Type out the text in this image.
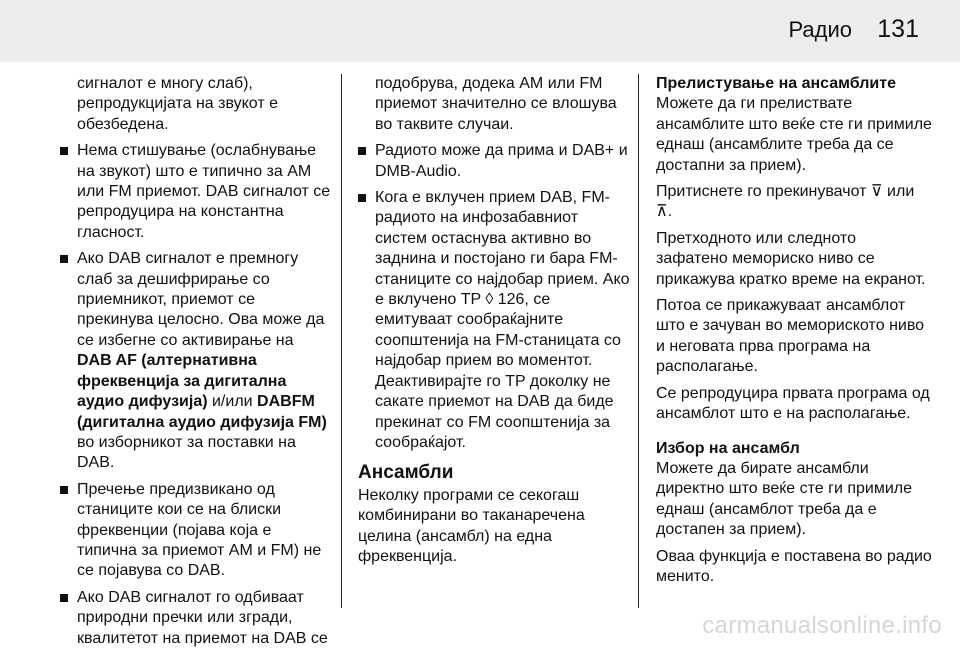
Радио 131
сигналот е многу слаб), репродукцијата на звукот е обезбедена.
Нема стишување (ослабнување на звукот) што е типично за AM или FM приемот. DAB сигналот се репродуцира на константна гласност.
Ако DAB сигналот е премногу слаб за дешифрирање со приемникот, приемот се прекинува целосно. Ова може да се избегне со активирање на DAB AF (алтернативна фреквенција за дигитална аудио дифузија) и/или DABFM (дигитална аудио дифузија FM) во изборникот за поставки на DAB.
Пречење предизвикано од станиците кои се на блиски фреквенции (појава која е типична за приемот AM и FM) не се појавува со DAB.
Ако DAB сигналот го одбиваат природни пречки или згради, квалитетот на приемот на DAB се
подобрува, додека AM или FM приемот значително се влошува во таквите случаи.
Радиото може да прима и DAB+ и DMB-Audio.
Кога е вклучен прием DAB, FM-радиото на инфозабавниот систем остаснува активно во заднина и постојано ги бара FM-станиците со најдобар прием. Ако е вклучено TP ◊ 126, се емитуваат сообраќајните соопштенија на FM-станицата со најдобар прием во моментот. Деактивирајте го TP доколку не сакате приемот на DAB да биде прекинат со FM соопштенија за сообраќајот.
Ансамбли

Неколку програми се секогаш комбинирани во таканаречена целина (ансамбл) на една фреквенција.

Прелистување на ансамблите

Можете да ги прелиствате ансамблите што веќе сте ги примиле еднаш (ансамблите треба да се достапни за прием).

Притиснете го прекинувачот ⊽ или ⊼.

Претходното или следното зафатено мемориско ниво се прикажува кратко време на екранот.

Потоа се прикажуваат ансамблот што е зачуван во меморискотo ниво и неговата прва програма на располагање.

Се репродуцира првата програма од ансамблот што е на располагање.

Избор на ансамбл

Можете да бирате ансамбли директно што веќе сте ги примиле еднаш (ансамблот треба да е достапен за прием).

Оваа функција е поставена во радио менито.

carmanualsonline.info
